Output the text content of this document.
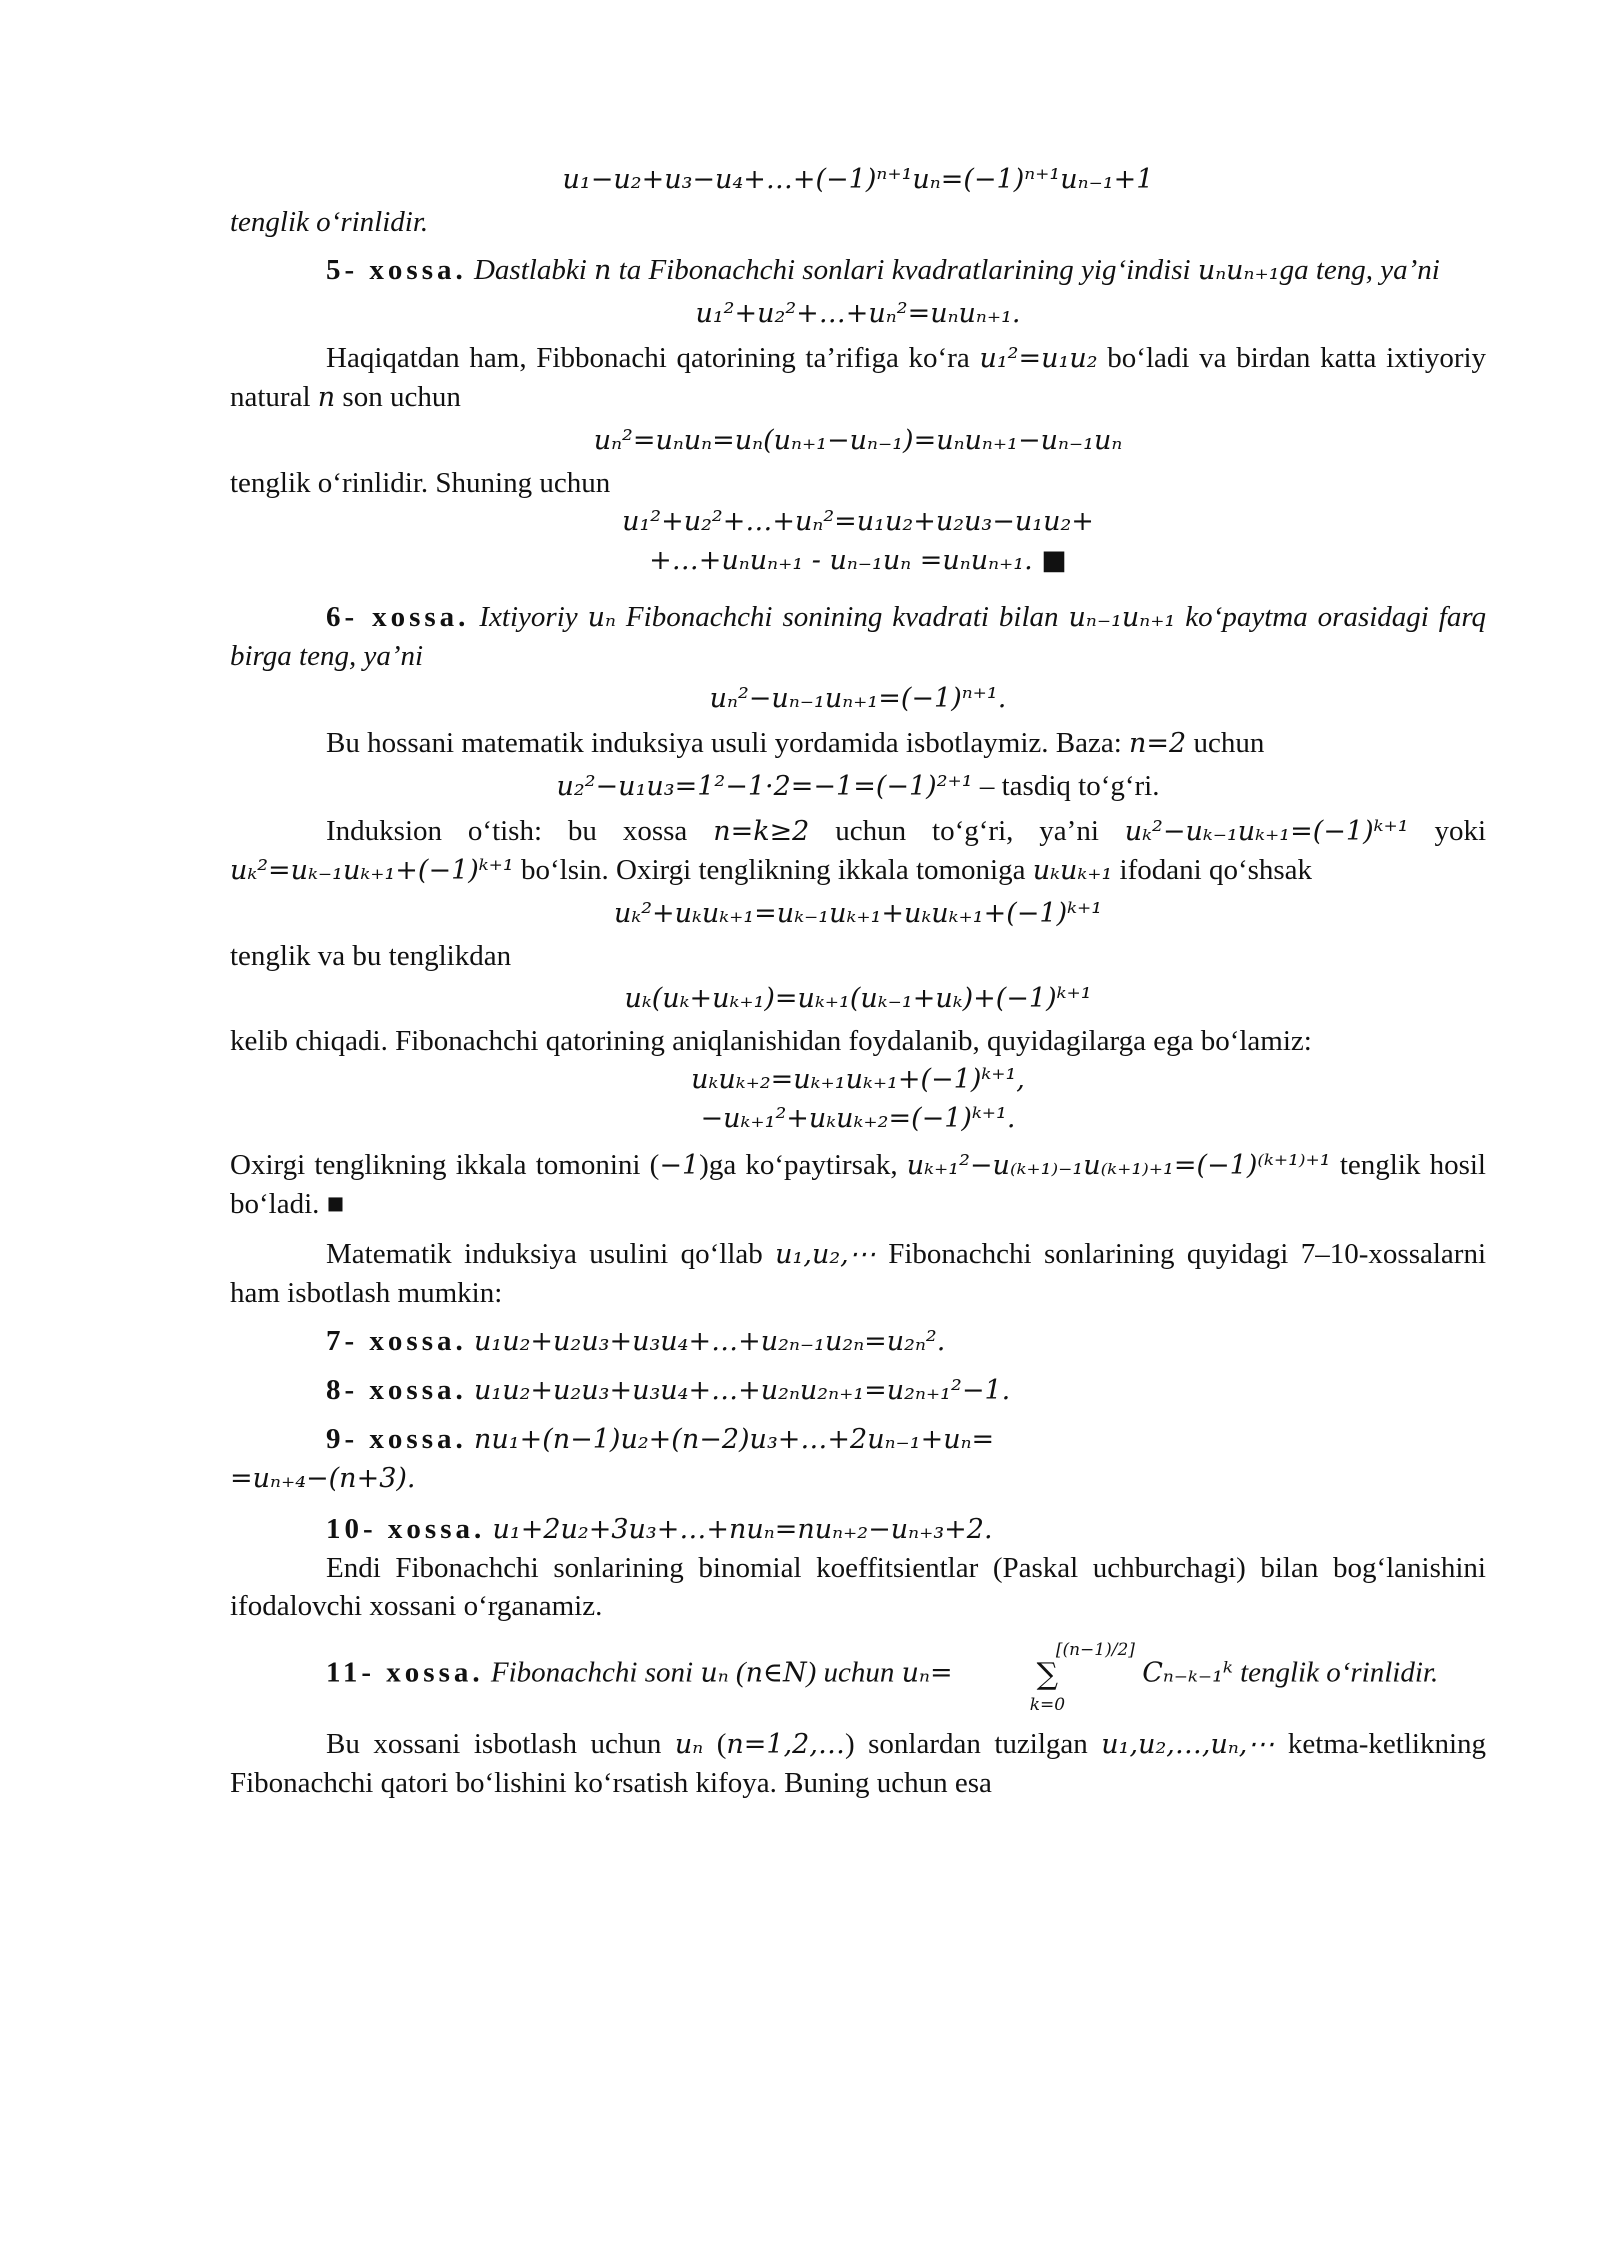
u₁−u₂+u₃−u₄+…+(−1)ⁿ⁺¹uₙ=(−1)ⁿ⁺¹uₙ₋₁+1

tenglik o‘rinlidir.

5- xossa. Dastlabki n ta Fibonachchi sonlari kvadratlarining yig‘indisi uₙuₙ₊₁ga teng, ya’ni

u₁²+u₂²+…+uₙ²=uₙuₙ₊₁.

Haqiqatdan ham, Fibbonachi qatorining ta’rifiga ko‘ra u₁²=u₁u₂ bo‘ladi va birdan katta ixtiyoriy natural n son uchun

uₙ²=uₙuₙ=uₙ(uₙ₊₁−uₙ₋₁)=uₙuₙ₊₁−uₙ₋₁uₙ

tenglik o‘rinlidir. Shuning uchun

u₁²+u₂²+…+uₙ²=u₁u₂+u₂u₃−u₁u₂+

+…+uₙuₙ₊₁ - uₙ₋₁uₙ =uₙuₙ₊₁. ■

6- xossa. Ixtiyoriy uₙ Fibonachchi sonining kvadrati bilan uₙ₋₁uₙ₊₁ ko‘paytma orasidagi farq birga teng, ya’ni

uₙ²−uₙ₋₁uₙ₊₁=(−1)ⁿ⁺¹.

Bu hossani matematik induksiya usuli yordamida isbotlaymiz. Baza: n=2 uchun

u₂²−u₁u₃=1²−1·2=−1=(−1)²⁺¹ – tasdiq to‘g‘ri.

Induksion o‘tish: bu xossa n=k≥2 uchun to‘g‘ri, ya’ni uₖ²−uₖ₋₁uₖ₊₁=(−1)ᵏ⁺¹ yoki uₖ²=uₖ₋₁uₖ₊₁+(−1)ᵏ⁺¹ bo‘lsin. Oxirgi tenglikning ikkala tomoniga uₖuₖ₊₁ ifodani qo‘shsak

uₖ²+uₖuₖ₊₁=uₖ₋₁uₖ₊₁+uₖuₖ₊₁+(−1)ᵏ⁺¹

tenglik va bu tenglikdan

uₖ(uₖ+uₖ₊₁)=uₖ₊₁(uₖ₋₁+uₖ)+(−1)ᵏ⁺¹

kelib chiqadi. Fibonachchi qatorining aniqlanishidan foydalanib, quyidagilarga ega bo‘lamiz:

uₖuₖ₊₂=uₖ₊₁uₖ₊₁+(−1)ᵏ⁺¹,

−uₖ₊₁²+uₖuₖ₊₂=(−1)ᵏ⁺¹.

Oxirgi tenglikning ikkala tomonini (−1)ga ko‘paytirsak, uₖ₊₁²−u₍ₖ₊₁₎₋₁u₍ₖ₊₁₎₊₁=(−1)⁽ᵏ⁺¹⁾⁺¹ tenglik hosil bo‘ladi. ■

Matematik induksiya usulini qo‘llab u₁,u₂,⋯ Fibonachchi sonlarining quyidagi 7–10-xossalarni ham isbotlash mumkin:

7- xossa. u₁u₂+u₂u₃+u₃u₄+…+u₂ₙ₋₁u₂ₙ=u₂ₙ².

8- xossa. u₁u₂+u₂u₃+u₃u₄+…+u₂ₙu₂ₙ₊₁=u₂ₙ₊₁²−1.

9- xossa. nu₁+(n−1)u₂+(n−2)u₃+…+2uₙ₋₁+uₙ=

=uₙ₊₄−(n+3).

10- xossa. u₁+2u₂+3u₃+…+nuₙ=nuₙ₊₂−uₙ₊₃+2.

Endi Fibonachchi sonlarining binomial koeffitsientlar (Paskal uchburchagi) bilan bog‘lanishini ifodalovchi xossani o‘rganamiz.

11- xossa. Fibonachchi soni uₙ (n∈N) uchun uₙ= [(n−1)/2]
∑
k=0 Cₙ₋ₖ₋₁ᵏ tenglik o‘rinlidir.

Bu xossani isbotlash uchun uₙ (n=1,2,…) sonlardan tuzilgan u₁,u₂,…,uₙ,⋯ ketma-ketlikning Fibonachchi qatori bo‘lishini ko‘rsatish kifoya. Buning uchun esa
